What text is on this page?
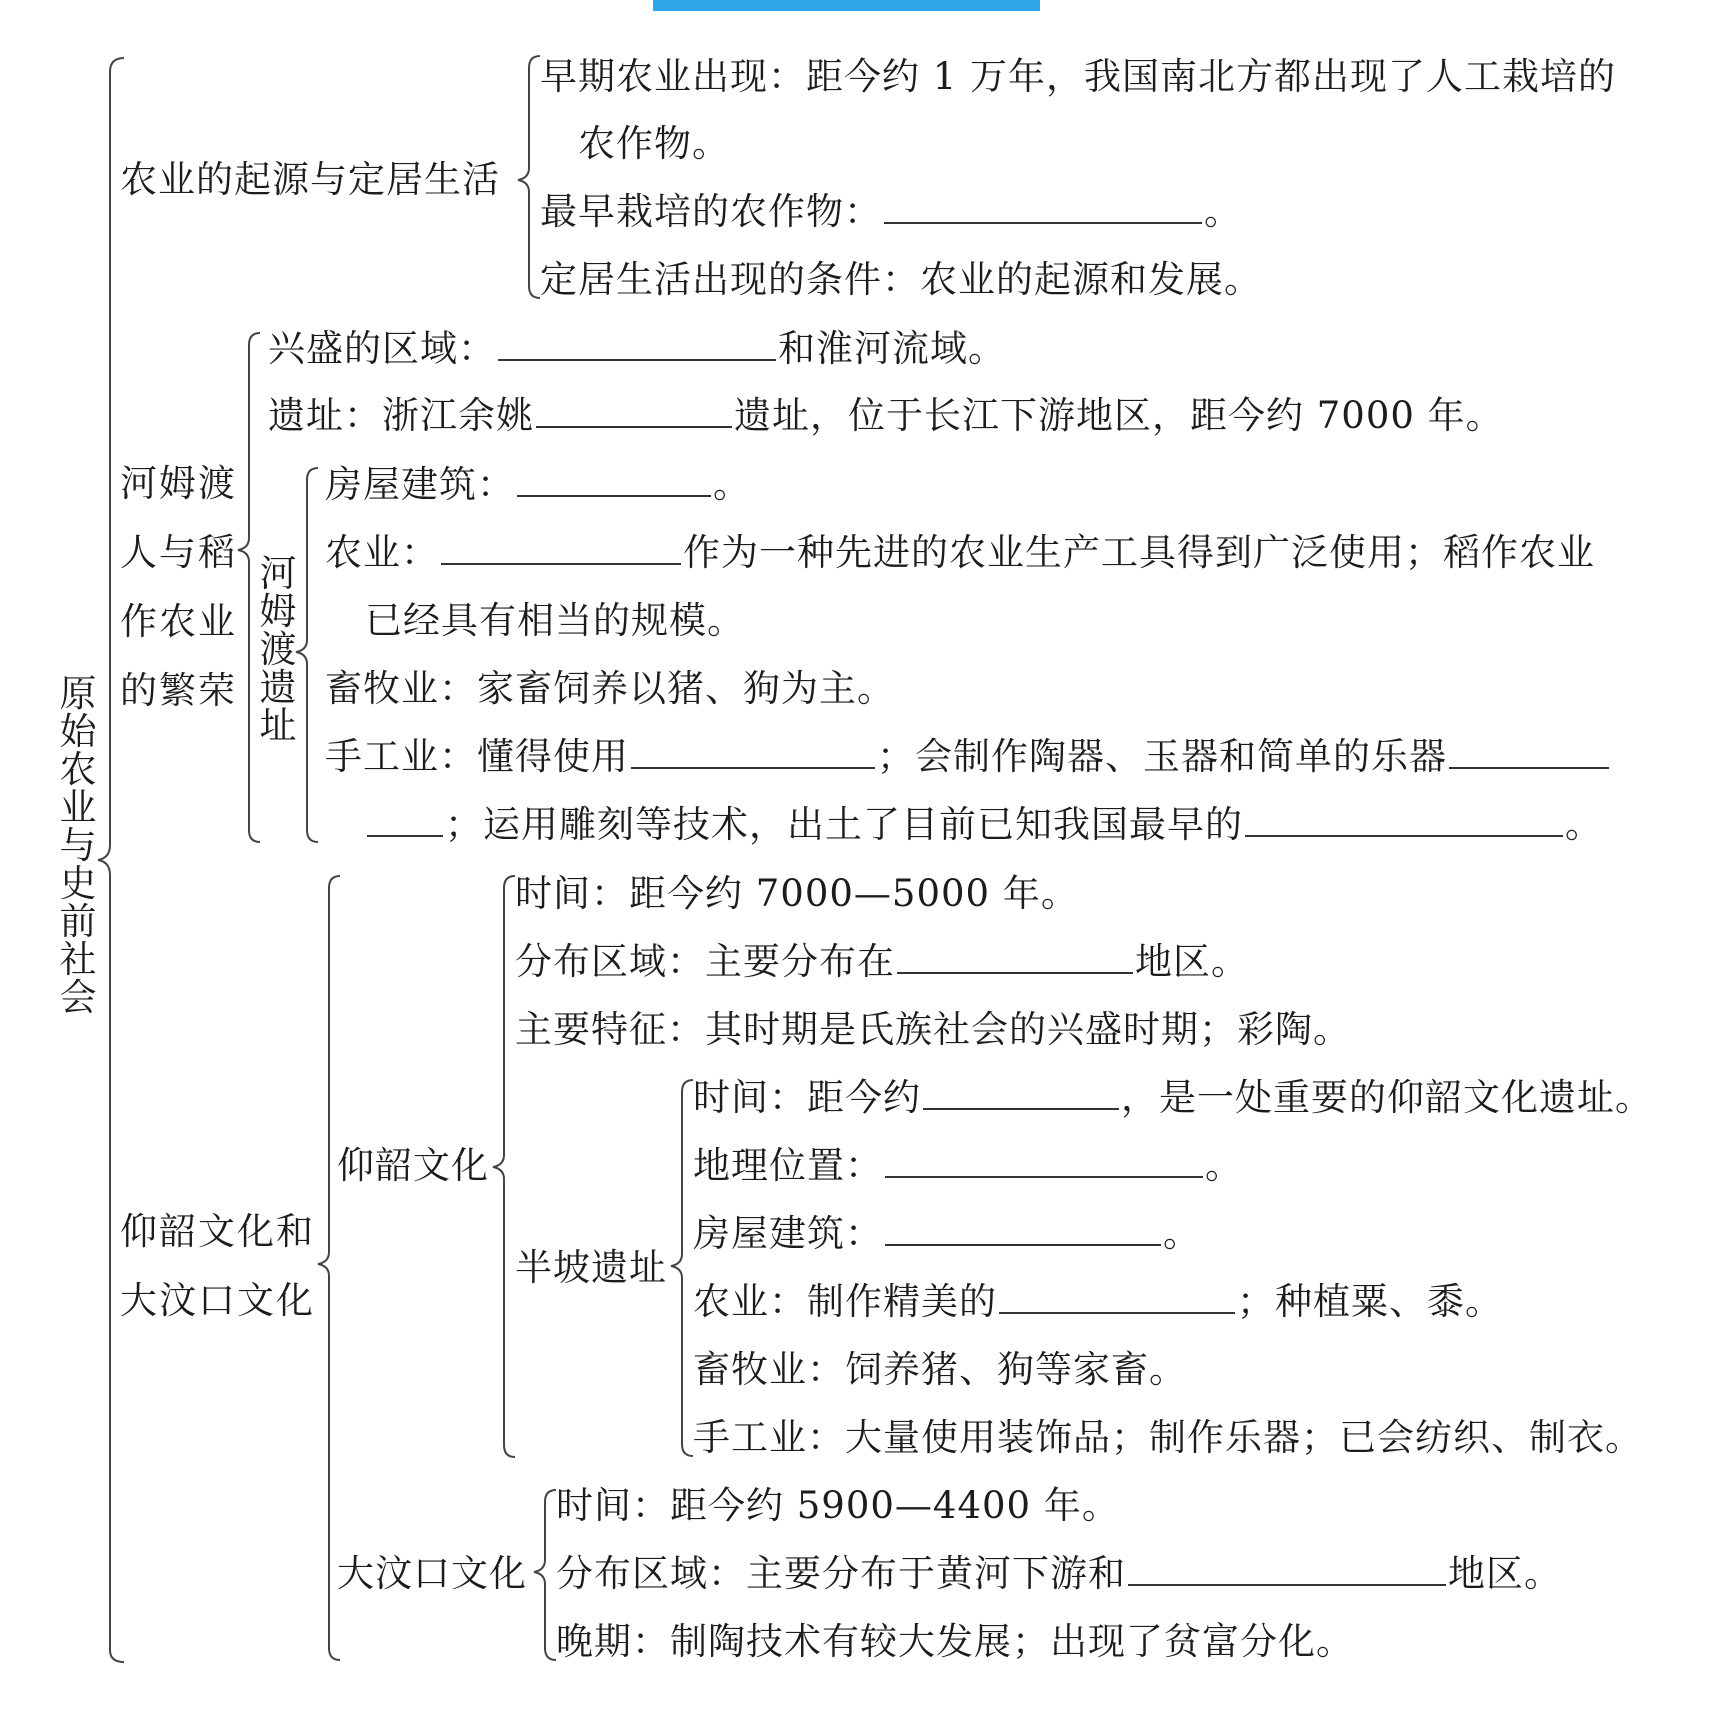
原始农业与史前社会
农业的起源与定居生活
早期农业出现：距今约 1 万年，我国南北方都出现了人工栽培的
农作物。
最早栽培的农作物：	。
定居生活出现的条件：农业的起源和发展。
河姆渡人与稻作农业的繁荣
兴盛的区域：	和淮河流域。
遗址：浙江余姚	遗址，位于长江下游地区，距今约 7000 年。
河姆渡遗址
房屋建筑：	。
农业：	作为一种先进的农业生产工具得到广泛使用；稻作农业
已经具有相当的规模。
畜牧业：家畜饲养以猪、狗为主。
手工业：懂得使用	；会制作陶器、玉器和简单的乐器
；运用雕刻等技术，出土了目前已知我国最早的	。
仰韶文化和大汶口文化
仰韶文化
时间：距今约 7000—5000 年。
分布区域：主要分布在	地区。
主要特征：其时期是氏族社会的兴盛时期；彩陶。
半坡遗址
时间：距今约	，是一处重要的仰韶文化遗址。
地理位置：	。
房屋建筑：	。
农业：制作精美的	；种植粟、黍。
畜牧业：饲养猪、狗等家畜。
手工业：大量使用装饰品；制作乐器；已会纺织、制衣。
大汶口文化
时间：距今约 5900—4400 年。
分布区域：主要分布于黄河下游和	地区。
晚期：制陶技术有较大发展；出现了贫富分化。
